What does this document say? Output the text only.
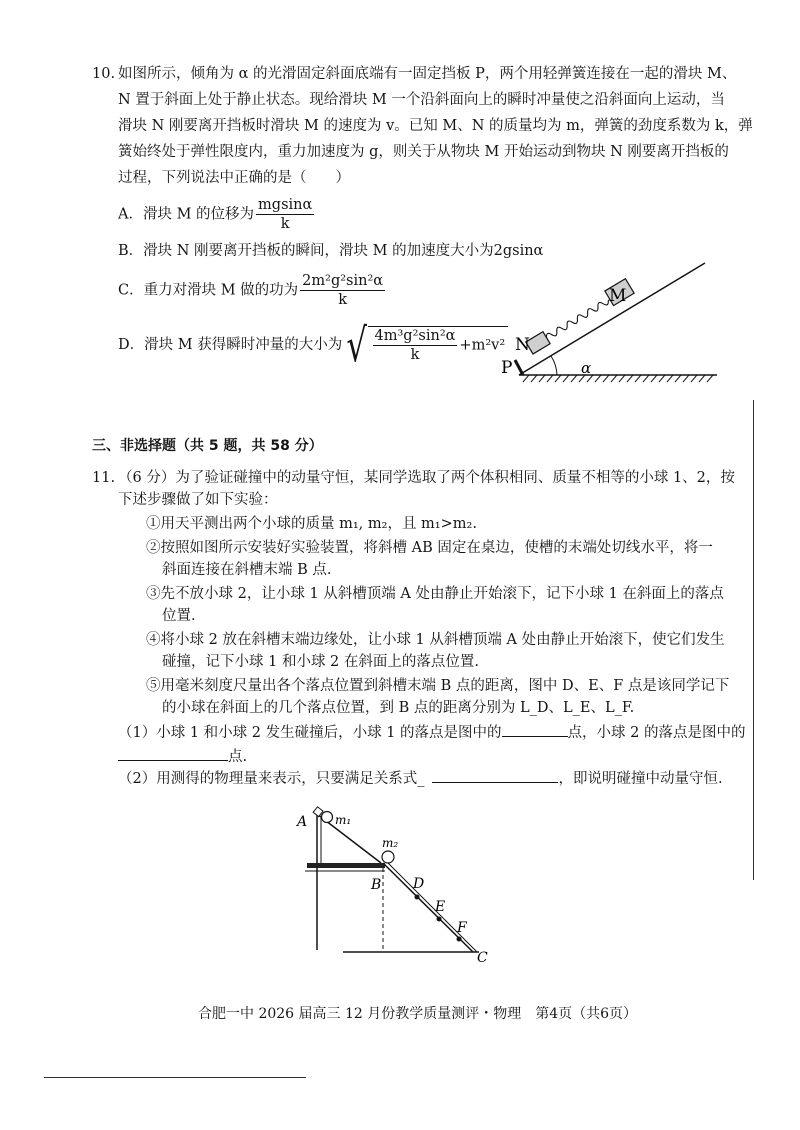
10. 如图所示，倾角为 α 的光滑固定斜面底端有一固定挡板 P，两个用轻弹簧连接在一起的滑块 M、
N 置于斜面上处于静止状态。现给滑块 M 一个沿斜面向上的瞬时冲量使之沿斜面向上运动，当
滑块 N 刚要离开挡板时滑块 M 的速度为 v。已知 M、N 的质量均为 m，弹簧的劲度系数为 k，弹
簧始终处于弹性限度内，重力加速度为 g，则关于从物块 M 开始运动到物块 N 刚要离开挡板的
过程，下列说法中正确的是（　　）
A．滑块 M 的位移为 $\frac{mgsin\alpha}{k}$
B．滑块 N 刚要离开挡板的瞬间，滑块 M 的加速度大小为2gsinα
C．重力对滑块 M 做的功为 $\frac{\text{2m²g²sin²α}}{k}$
D．滑块 M 获得瞬时冲量的大小为√ $\frac{\text{4m³g²sin²α}}{k} +m^2v^2$
M
N
P	α
三、非选择题（共 5 题，共 58 分）
11. （6 分）为了验证碰撞中的动量守恒，某同学选取了两个体积相同、质量不相等的小球 1、2，按
下述步骤做了如下实验：
①用天平测出两个小球的质量 m₁, m₂，且 m₁>m₂.
②按照如图所示安装好实验装置，将斜槽 AB 固定在桌边，使槽的末端处切线水平，将一
斜面连接在斜槽末端 B 点.
③先不放小球 2，让小球 1 从斜槽顶端 A 处由静止开始滚下，记下小球 1 在斜面上的落点
位置.
④将小球 2 放在斜槽末端边缘处，让小球 1 从斜槽顶端 A 处由静止开始滚下，使它们发生
碰撞，记下小球 1 和小球 2 在斜面上的落点位置.
⑤用毫米刻度尺量出各个落点位置到斜槽末端 B 点的距离，图中 D、E、F 点是该同学记下
的小球在斜面上的几个落点位置，到 B 点的距离分别为 L_D、L_E、L_F.
（1）小球 1 和小球 2 发生碰撞后，小球 1 的落点是图中的	点，小球 2 的落点是图中的
点.
（2）用测得的物理量来表示，只要满足关系式_	，即说明碰撞中动量守恒.
A m₁
m₂
B D
E
F
C
合肥一中 2026 届高三 12 月份教学质量测评・物理　第4页（共6页）
